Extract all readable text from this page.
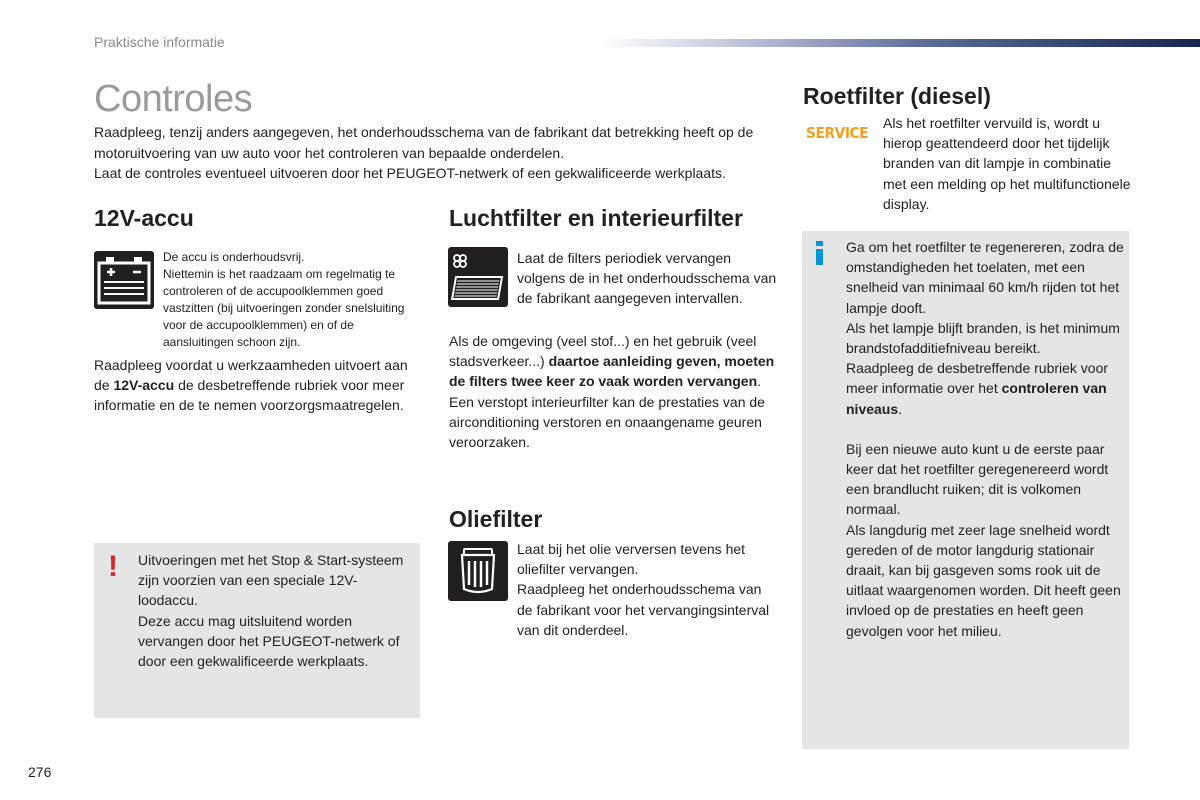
Praktische informatie
Controles

Raadpleeg, tenzij anders aangegeven, het onderhoudsschema van de fabrikant dat betrekking heeft op de motoruitvoering van uw auto voor het controleren van bepaalde onderdelen.

Laat de controles eventueel uitvoeren door het PEUGEOT-netwerk of een gekwalificeerde werkplaats.

12V-accu

De accu is onderhoudsvrij.

Niettemin is het raadzaam om regelmatig te controleren of de accupoolklemmen goed vastzitten (bij uitvoeringen zonder snelsluiting voor de accupoolklemmen) en of de aansluitingen schoon zijn.

Raadpleeg voordat u werkzaamheden uitvoert aan de 12V-accu de desbetreffende rubriek voor meer informatie en de te nemen voorzorgsmaatregelen.

! Uitvoeringen met het Stop & Start-systeem zijn voorzien van een speciale 12V-loodaccu.

Deze accu mag uitsluitend worden vervangen door het PEUGEOT-netwerk of door een gekwalificeerde werkplaats.

Luchtfilter en interieurfilter
Laat de filters periodiek vervangen volgens de in het onderhoudsschema van de fabrikant aangegeven intervallen.

Als de omgeving (veel stof...) en het gebruik (veel stadsverkeer...) daartoe aanleiding geven, moeten de filters twee keer zo vaak worden vervangen.

Een verstopt interieurfilter kan de prestaties van de airconditioning verstoren en onaangename geuren veroorzaken.

Oliefilter

Laat bij het olie verversen tevens het oliefilter vervangen.

Raadpleeg het onderhoudsschema van de fabrikant voor het vervangingsinterval van dit onderdeel.

Roetfilter (diesel)
SERVICE
Als het roetfilter vervuild is, wordt u hierop geattendeerd door het tijdelijk branden van dit lampje in combinatie met een melding op het multifunctionele display.

Ga om het roetfilter te regenereren, zodra de omstandigheden het toelaten, met een snelheid van minimaal 60 km/h rijden tot het lampje dooft.

Als het lampje blijft branden, is het minimum brandstofadditiefniveau bereikt.

Raadpleeg de desbetreffende rubriek voor meer informatie over het controleren van niveaus.

Bij een nieuwe auto kunt u de eerste paar keer dat het roetfilter geregenereerd wordt een brandlucht ruiken; dit is volkomen normaal.

Als langdurig met zeer lage snelheid wordt gereden of de motor langdurig stationair draait, kan bij gasgeven soms rook uit de uitlaat waargenomen worden. Dit heeft geen invloed op de prestaties en heeft geen gevolgen voor het milieu.

276
